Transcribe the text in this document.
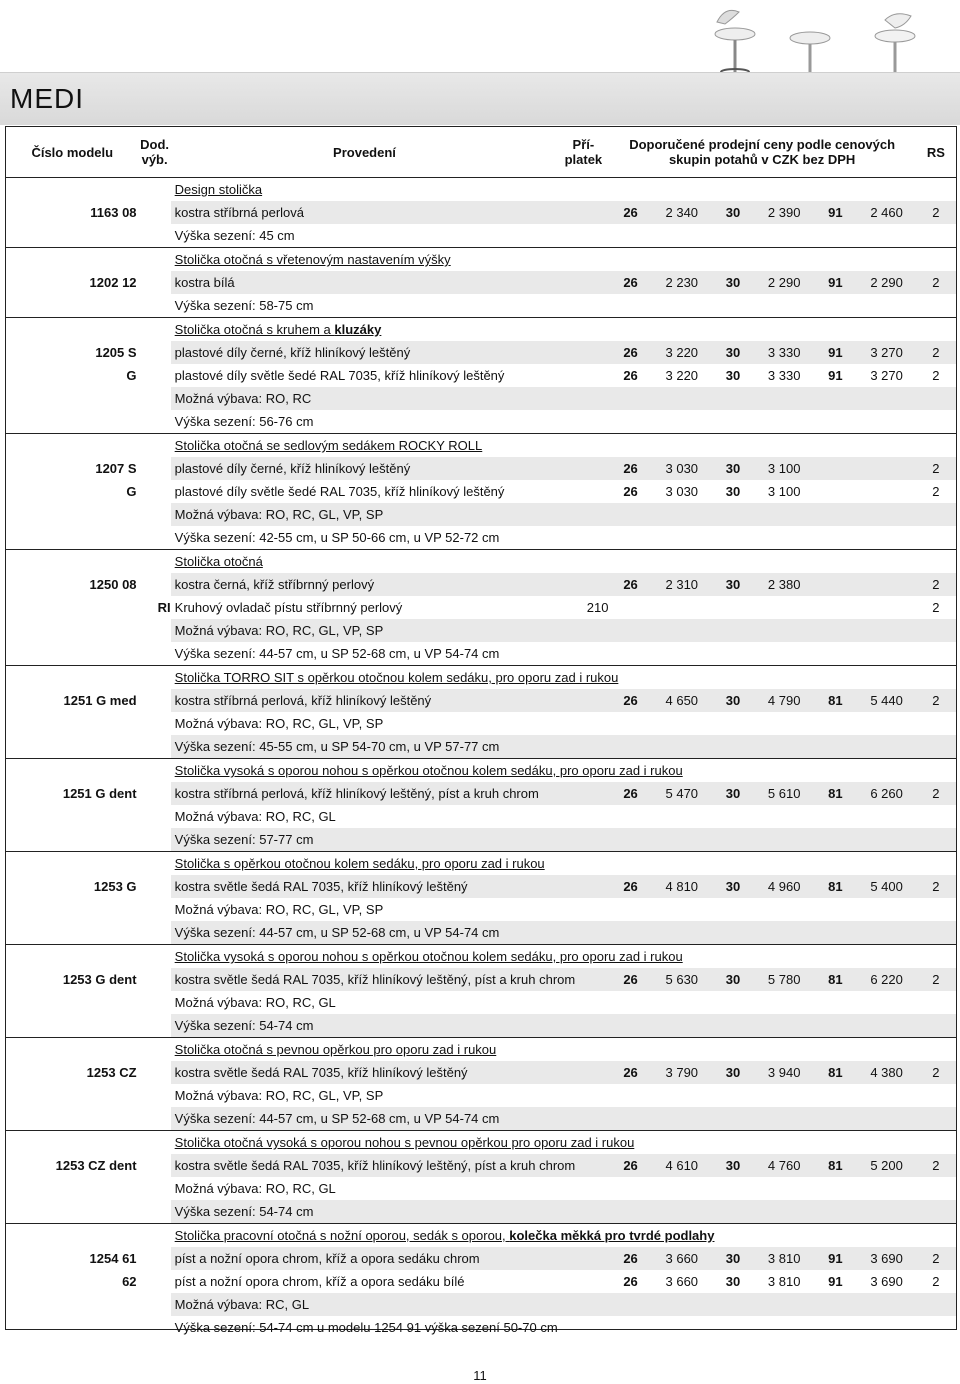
MEDI
Číslo modelu	Dod. výb.	Provedení	Pří- platek	Doporučené prodejní ceny podle cenových skupin potahů v CZK bez DPH						RS
		Design stolička								
1163 08		kostra stříbrná perlová		26	2 340	30	2 390	91	2 460	2
		Výška sezení: 45 cm								
		Stolička otočná s vřetenovým nastavením výšky								
1202 12		kostra bílá		26	2 230	30	2 290	91	2 290	2
		Výška sezení: 58-75 cm								
		Stolička otočná s kruhem a kluzáky								
1205 S		plastové díly černé, kříž hliníkový leštěný		26	3 220	30	3 330	91	3 270	2
G		plastové díly světle šedé RAL 7035, kříž hliníkový leštěný		26	3 220	30	3 330	91	3 270	2
		Možná výbava: RO, RC								
		Výška sezení: 56-76 cm								
		Stolička otočná se sedlovým sedákem ROCKY ROLL								
1207 S		plastové díly černé, kříž hliníkový leštěný		26	3 030	30	3 100			2
G		plastové díly světle šedé RAL 7035, kříž hliníkový leštěný		26	3 030	30	3 100			2
		Možná výbava: RO, RC, GL, VP, SP								
		Výška sezení: 42-55 cm, u SP 50-66 cm, u VP 52-72 cm								
		Stolička otočná								
1250 08		kostra černá, kříž stříbrnný perlový		26	2 310	30	2 380			2
	RI	Kruhový ovladač pístu stříbrnný perlový	210							2
		Možná výbava: RO, RC, GL, VP, SP								
		Výška sezení: 44-57 cm, u SP 52-68 cm, u VP 54-74 cm								
		Stolička TORRO SIT s opěrkou otočnou kolem sedáku, pro oporu zad i rukou								
1251 G med		kostra stříbrná perlová, kříž hliníkový leštěný		26	4 650	30	4 790	81	5 440	2
		Možná výbava: RO, RC, GL, VP, SP								
		Výška sezení: 45-55 cm, u SP 54-70 cm, u VP 57-77 cm								
		Stolička vysoká s oporou nohou s opěrkou otočnou kolem sedáku, pro oporu zad i rukou								
1251 G dent		kostra stříbrná perlová, kříž hliníkový leštěný, píst a kruh chrom		26	5 470	30	5 610	81	6 260	2
		Možná výbava: RO, RC, GL								
		Výška sezení: 57-77 cm								
		Stolička s opěrkou otočnou kolem sedáku, pro oporu zad i rukou								
1253 G		kostra světle šedá RAL 7035, kříž hliníkový leštěný		26	4 810	30	4 960	81	5 400	2
		Možná výbava: RO, RC, GL, VP, SP								
		Výška sezení: 44-57 cm, u SP 52-68 cm, u VP 54-74 cm								
		Stolička vysoká s oporou nohou s opěrkou otočnou kolem sedáku, pro oporu zad i rukou								
1253 G dent		kostra světle šedá RAL 7035, kříž hliníkový leštěný, píst a kruh chrom		26	5 630	30	5 780	81	6 220	2
		Možná výbava: RO, RC, GL								
		Výška sezení: 54-74 cm								
		Stolička otočná s pevnou opěrkou pro oporu zad i rukou								
1253 CZ		kostra světle šedá RAL 7035, kříž hliníkový leštěný		26	3 790	30	3 940	81	4 380	2
		Možná výbava: RO, RC, GL, VP, SP								
		Výška sezení: 44-57 cm, u SP 52-68 cm, u VP 54-74 cm								
		Stolička otočná vysoká s oporou nohou s pevnou opěrkou pro oporu zad i rukou								
1253 CZ dent		kostra světle šedá RAL 7035, kříž hliníkový leštěný, píst a kruh chrom		26	4 610	30	4 760	81	5 200	2
		Možná výbava: RO, RC, GL								
		Výška sezení: 54-74 cm								
		Stolička pracovní otočná s nožní oporou, sedák s oporou, kolečka měkká pro tvrdé podlahy								
1254 61		píst a nožní opora chrom, kříž a opora sedáku chrom		26	3 660	30	3 810	91	3 690	2
62		píst a nožní opora chrom, kříž a opora sedáku bílé		26	3 660	30	3 810	91	3 690	2
		Možná výbava: RC, GL								
		Výška sezení: 54-74 cm u modelu 1254 91 výška sezení 50-70 cm								
11
